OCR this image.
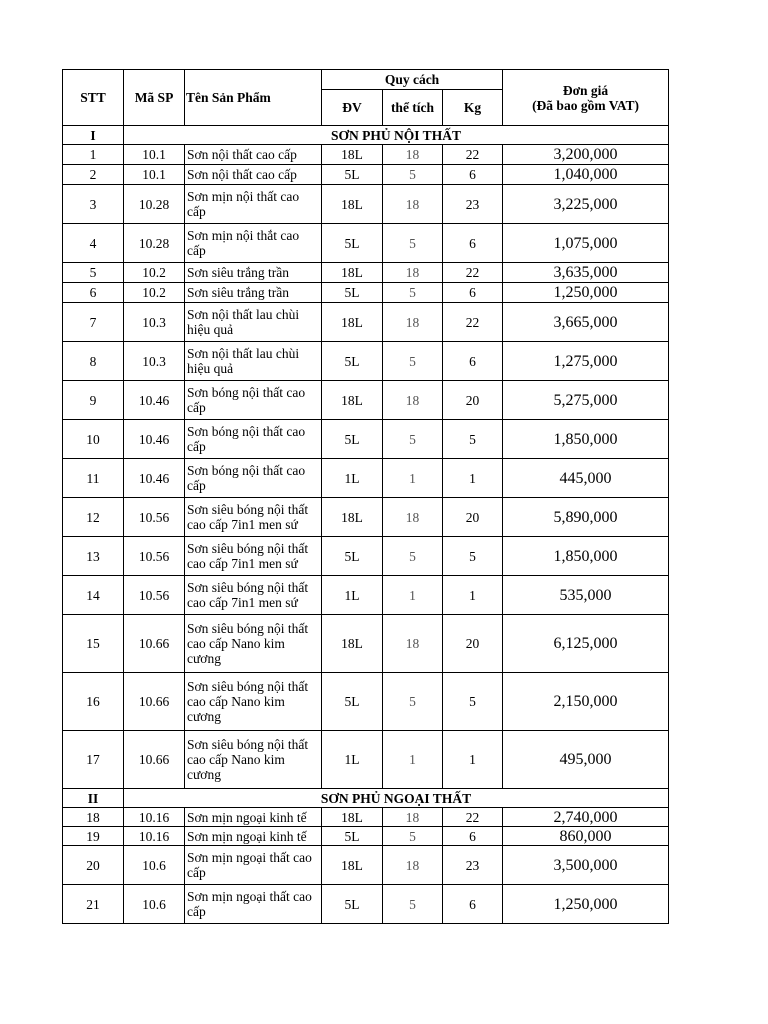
STT	Mã SP	Tên Sản Phẩm	Quy cách			Đơn giá
(Đã bao gồm VAT)

			ĐV	thể tích	Kg	
I	SƠN PHỦ NỘI THẤT					
1	10.1	Sơn nội thất cao cấp	18L	18	22	3,200,000
2	10.1	Sơn nội thất cao cấp	5L	5	6	1,040,000
3	10.28	Sơn mịn nội thất cao cấp	18L	18	23	3,225,000
4	10.28	Sơn mịn nội thắt cao cấp	5L	5	6	1,075,000
5	10.2	Sơn siêu trắng trần	18L	18	22	3,635,000
6	10.2	Sơn siêu trắng trần	5L	5	6	1,250,000
7	10.3	Sơn nội thất lau chùi hiệu quả	18L	18	22	3,665,000
8	10.3	Sơn nội thất lau chùi hiệu quả	5L	5	6	1,275,000
9	10.46	Sơn bóng nội thất cao cấp	18L	18	20	5,275,000
10	10.46	Sơn bóng nội thất cao cấp	5L	5	5	1,850,000
11	10.46	Sơn bóng nội thất cao cấp	1L	1	1	445,000
12	10.56	Sơn siêu bóng nội thất cao cấp 7in1 men sứ	18L	18	20	5,890,000
13	10.56	Sơn siêu bóng nội thất cao cấp 7in1 men sứ	5L	5	5	1,850,000
14	10.56	Sơn siêu bóng nội thất cao cấp 7in1 men sứ	1L	1	1	535,000
15	10.66	Sơn siêu bóng nội thất cao cấp Nano kim cương	18L	18	20	6,125,000
16	10.66	Sơn siêu bóng nội thất cao cấp Nano kim cương	5L	5	5	2,150,000
17	10.66	Sơn siêu bóng nội thất cao cấp Nano kim cương	1L	1	1	495,000
II	SƠN PHỦ NGOẠI THẤT					
18	10.16	Sơn mịn ngoại kinh tế	18L	18	22	2,740,000
19	10.16	Sơn mịn ngoại kinh tế	5L	5	6	860,000
20	10.6	Sơn mịn ngoại thất cao cấp	18L	18	23	3,500,000
21	10.6	Sơn mịn ngoại thất cao cấp	5L	5	6	1,250,000
